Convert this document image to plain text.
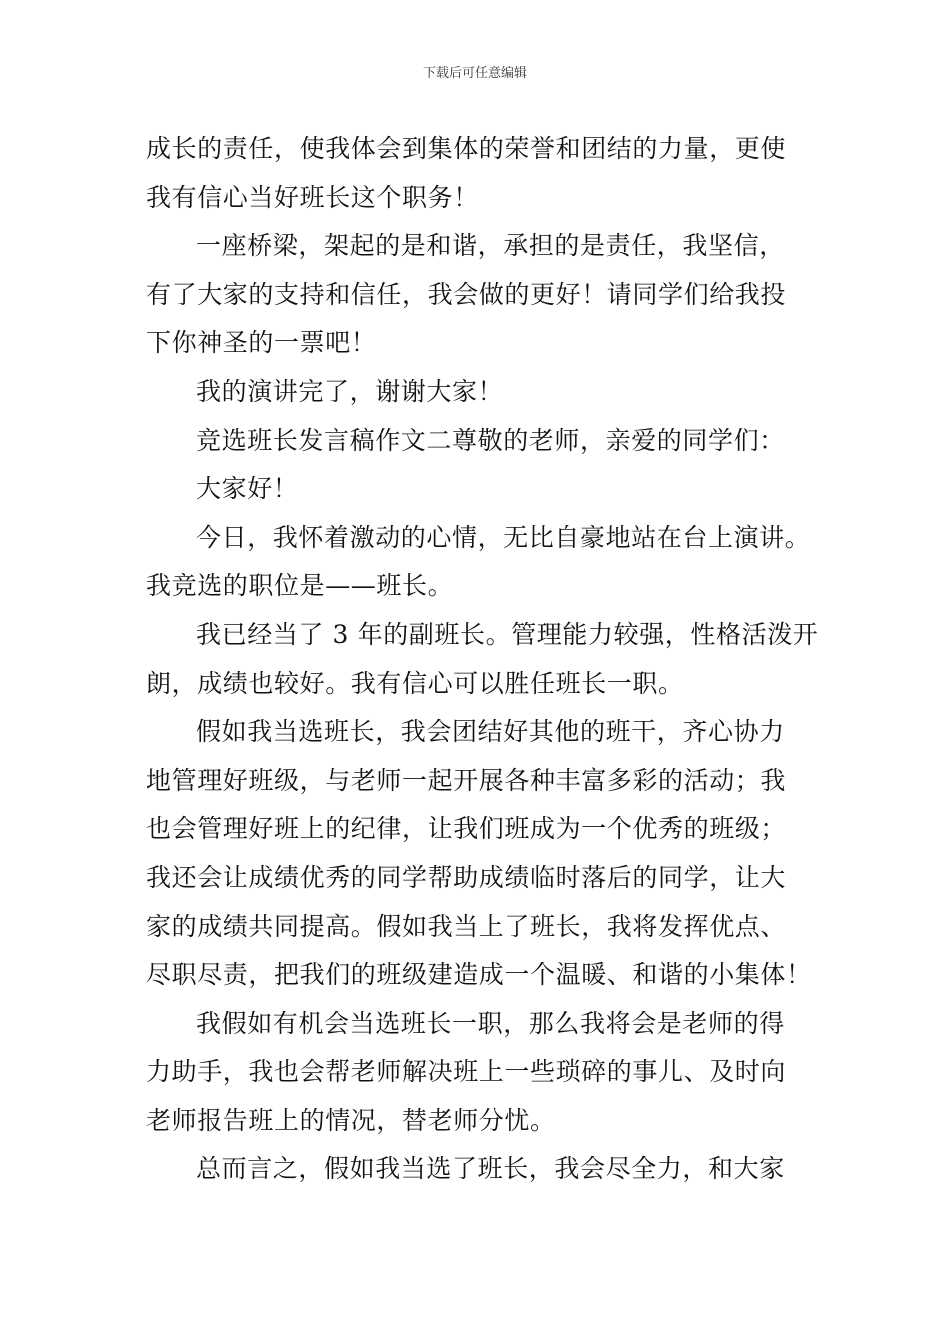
下载后可任意编辑
成长的责任，使我体会到集体的荣誉和团结的力量，更使
我有信心当好班长这个职务！
一座桥梁，架起的是和谐，承担的是责任，我坚信，
有了大家的支持和信任，我会做的更好！请同学们给我投
下你神圣的一票吧！
我的演讲完了，谢谢大家！
竞选班长发言稿作文二尊敬的老师，亲爱的同学们：
大家好！
今日，我怀着激动的心情，无比自豪地站在台上演讲。
我竞选的职位是——班长。
我已经当了 3 年的副班长。管理能力较强，性格活泼开
朗，成绩也较好。我有信心可以胜任班长一职。
假如我当选班长，我会团结好其他的班干，齐心协力
地管理好班级，与老师一起开展各种丰富多彩的活动；我
也会管理好班上的纪律，让我们班成为一个优秀的班级；
我还会让成绩优秀的同学帮助成绩临时落后的同学，让大
家的成绩共同提高。假如我当上了班长，我将发挥优点、
尽职尽责，把我们的班级建造成一个温暖、和谐的小集体！
我假如有机会当选班长一职，那么我将会是老师的得
力助手，我也会帮老师解决班上一些琐碎的事儿、及时向
老师报告班上的情况，替老师分忧。
总而言之，假如我当选了班长，我会尽全力，和大家
